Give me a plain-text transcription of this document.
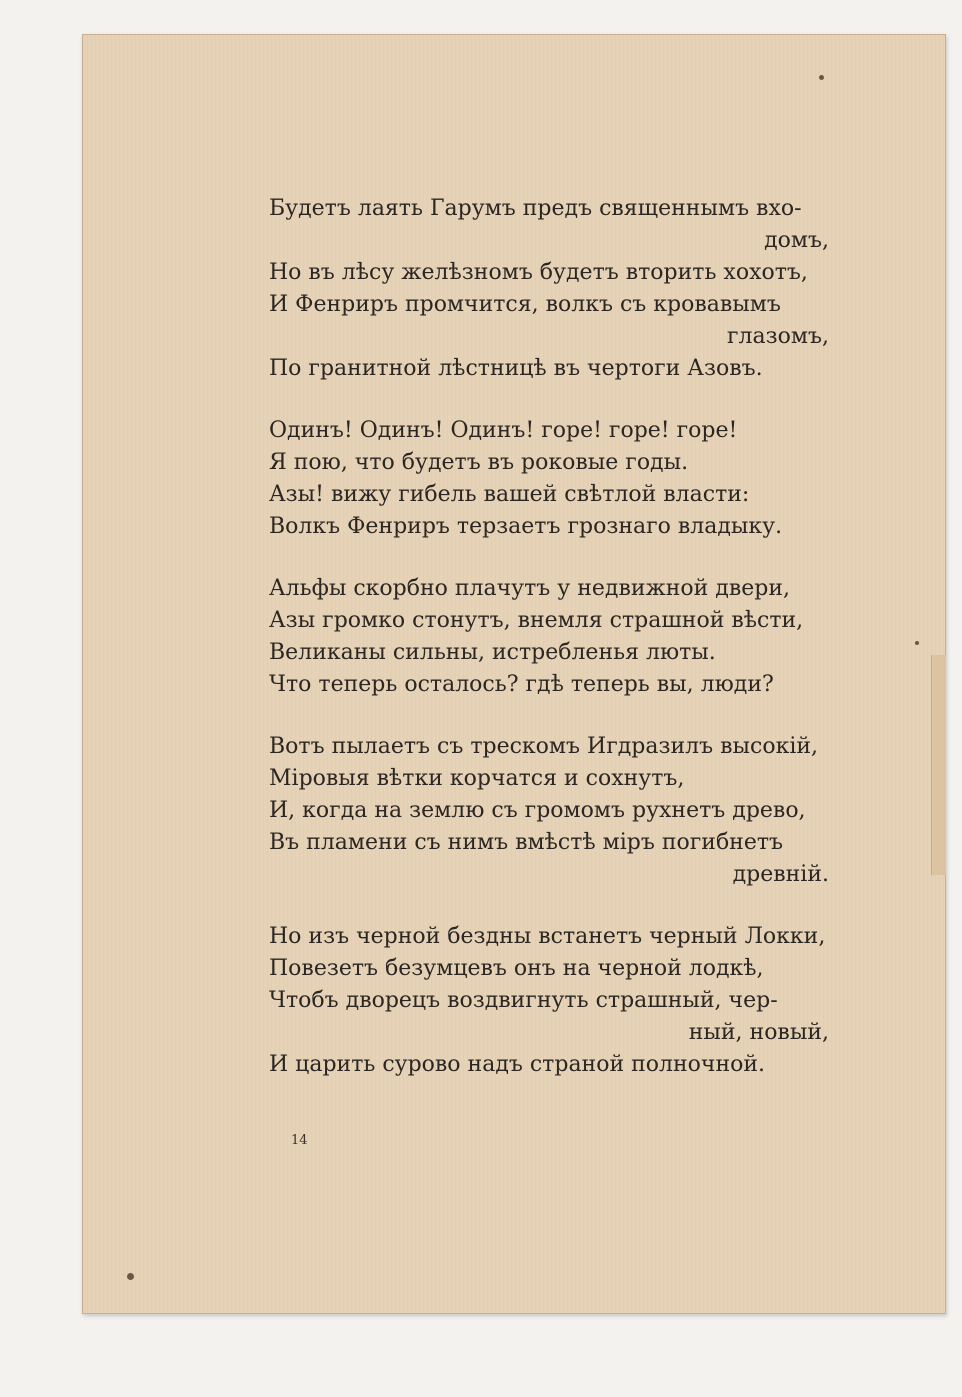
Будетъ лаять Гарумъ предъ священнымъ вхо-
домъ,
Но въ лѣсу желѣзномъ будетъ вторить хохотъ,
И Фенриръ промчится, волкъ съ кровавымъ
глазомъ,
По гранитной лѣстницѣ въ чертоги Азовъ.
Одинъ! Одинъ! Одинъ! горе! горе! горе!
Я пою, что будетъ въ роковые годы.
Азы! вижу гибель вашей свѣтлой власти:
Волкъ Фенриръ терзаетъ грознаго владыку.
Альфы скорбно плачутъ у недвижной двери,
Азы громко стонутъ, внемля страшной вѣсти,
Великаны сильны, истребленья люты.
Что теперь осталось? гдѣ теперь вы, люди?
Вотъ пылаетъ съ трескомъ Игдразилъ высокій,
Міровыя вѣтки корчатся и сохнутъ,
И, когда на землю съ громомъ рухнетъ древо,
Въ пламени съ нимъ вмѣстѣ міръ погибнетъ
древній.
Но изъ черной бездны встанетъ черный Локки,
Повезетъ безумцевъ онъ на черной лодкѣ,
Чтобъ дворецъ воздвигнуть страшный, чер-
ный, новый,
И царить сурово надъ страной полночной.
14
